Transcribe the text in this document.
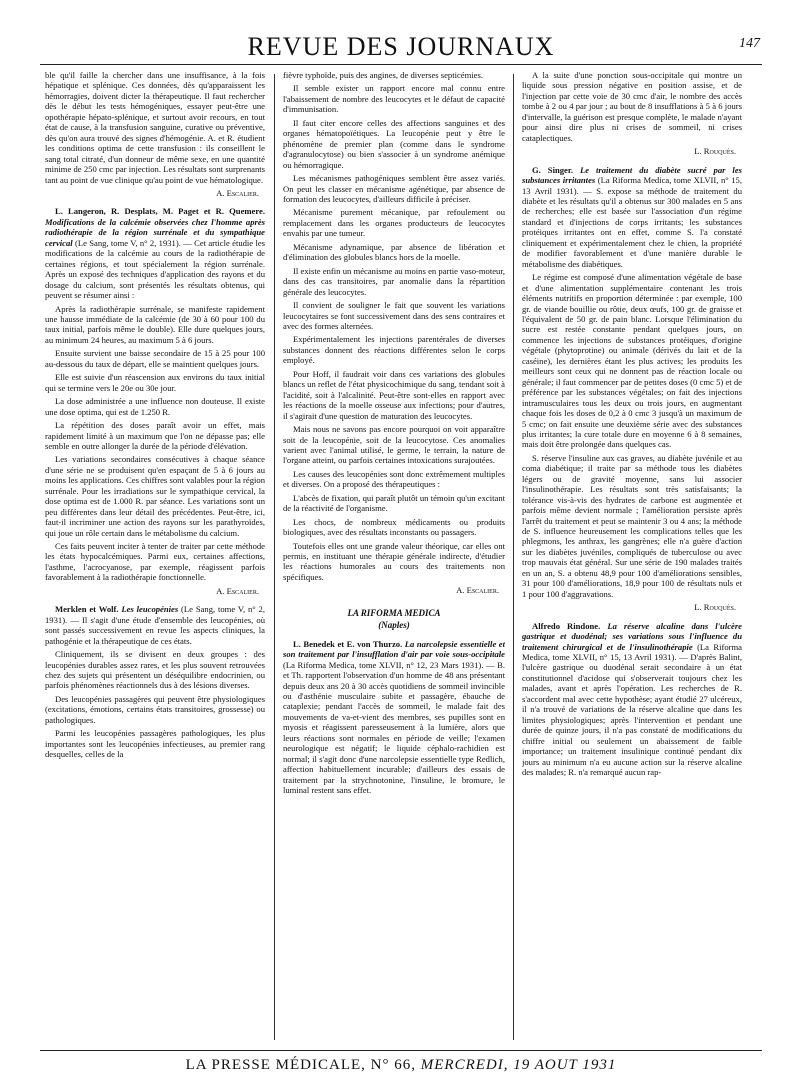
REVUE DES JOURNAUX	147

ble qu'il faille la chercher dans une insuffisance, à la fois hépatique et splénique. Ces données, dès qu'apparaissent les hémorragies, doivent dicter la thérapeutique. Il faut rechercher dès le début les tests hémogéniques, essayer peut-être une opothérapie hépato-splénique, et surtout avoir recours, en tout état de cause, à la transfusion sanguine, curative ou préventive, dès qu'on aura trouvé des signes d'hémogénie. A. et R. étudient les conditions optima de cette transfusion : ils conseillent le sang total citraté, d'un donneur de même sexe, en une quantité minime de 250 cmc par injection. Les résultats sont surprenants tant au point de vue clinique qu'au point de vue hématologique.

A. Escalier.

L. Langeron, R. Desplats, M. Paget et R. Quemere. Modifications de la calcémie observées chez l'homme après radiothérapie de la région surrénale et du sympathique cervical (Le Sang, tome V, n° 2, 1931). — Cet article étudie les modifications de la calcémie au cours de la radiothérapie de certaines régions, et tout spécialement la région surrénale. Après un exposé des techniques d'application des rayons et du dosage du calcium, sont présentés les résultats obtenus, qui peuvent se résumer ainsi :

Après la radiothérapie surrénale, se manifeste rapidement une hausse immédiate de la calcémie (de 30 à 60 pour 100 du taux initial, parfois même le double). Elle dure quelques jours, au minimum 24 heures, au maximum 5 à 6 jours.

Ensuite survient une baisse secondaire de 15 à 25 pour 100 au-dessous du taux de départ, elle se maintient quelques jours.

Elle est suivie d'un réascension aux environs du taux initial qui se termine vers le 20e ou 30e jour.

La dose administrée a une influence non douteuse. Il existe une dose optima, qui est de 1.250 R.

La répétition des doses paraît avoir un effet, mais rapidement limité à un maximum que l'on ne dépasse pas; elle semble en outre allonger la durée de la période d'élévation.

Les variations secondaires consécutives à chaque séance d'une série ne se produisent qu'en espaçant de 5 à 6 jours au moins les applications. Ces chiffres sont valables pour la région surrénale. Pour les irradiations sur le sympathique cervical, la dose optima est de 1.000 R. par séance. Les variations sont un peu différentes dans leur détail des précédentes. Peut-être, ici, faut-il incriminer une action des rayons sur les parathyroïdes, qui joue un rôle certain dans le métabolisme du calcium.

Ces faits peuvent inciter à tenter de traiter par cette méthode les états hypocalcémiques. Parmi eux, certaines affections, l'asthme, l'acrocyanose, par exemple, réagissent parfois favorablement à la radiothérapie fonctionnelle.

A. Escalier.

Merklen et Wolf. Les leucopénies (Le Sang, tome V, n° 2, 1931). — Il s'agit d'une étude d'ensemble des leucopénies, où sont passés successivement en revue les aspects cliniques, la pathogénie et la thérapeutique de ces états.

Cliniquement, ils se divisent en deux groupes : des leucopénies durables assez rares, et les plus souvent retrouvées chez des sujets qui présentent un déséquilibre endocrinien, ou parfois phénomènes réactionnels dus à des lésions diverses.

Des leucopénies passagères qui peuvent être physiologiques (excitations, émotions, certains états transitoires, grossesse) ou pathologiques.

Parmi les leucopénies passagères pathologiques, les plus importantes sont les leucopénies infectieuses, au premier rang desquelles, celles de la

fièvre typhoïde, puis des angines, de diverses septicémies.

Il semble exister un rapport encore mal connu entre l'abaissement de nombre des leucocytes et le défaut de capacité d'immunisation.

Il faut citer encore celles des affections sanguines et des organes hématopoïétiques. La leucopénie peut y être le phénomène de premier plan (comme dans le syndrome d'agranulocytose) ou bien s'associer à un syndrome anémique ou hémorragique.

Les mécanismes pathogéniques semblent être assez variés. On peut les classer en mécanisme agénétique, par absence de formation des leucocytes, d'ailleurs difficile à préciser.

Mécanisme purement mécanique, par refoulement ou remplacement dans les organes producteurs de leucocytes envahis par une tumeur.

Mécanisme adynamique, par absence de libération et d'élimination des globules blancs hors de la moelle.

Il existe enfin un mécanisme au moins en partie vaso-moteur, dans des cas transitoires, par anomalie dans la répartition générale des leucocytes.

Il convient de souligner le fait que souvent les variations leucocytaires se font successivement dans des sens contraires et avec des formes alternées.

Expérimentalement les injections parentérales de diverses substances donnent des réactions différentes selon le corps employé.

Pour Hoff, il faudrait voir dans ces variations des globules blancs un reflet de l'état physicochimique du sang, tendant soit à l'acidité, soit à l'alcalinité. Peut-être sont-elles en rapport avec les réactions de la moelle osseuse aux infections; pour d'autres, il s'agirait d'une question de maturation des leucocytes.

Mais nous ne savons pas encore pourquoi on voit apparaître soit de la leucopénie, soit de la leucocytose. Ces anomalies varient avec l'animal utilisé, le germe, le terrain, la nature de l'organe atteint, ou parfois certaines intoxications surajoutées.

Les causes des leucopénies sont donc extrêmement multiples et diverses. On a proposé des thérapeutiques :

L'abcès de fixation, qui paraît plutôt un témoin qu'un excitant de la réactivité de l'organisme.

Les chocs, de nombreux médicaments ou produits biologiques, avec des résultats inconstants ou passagers.

Toutefois elles ont une grande valeur théorique, car elles ont permis, en instituant une thérapie générale indirecte, d'étudier les réactions humorales au cours des traitements non spécifiques.

A. Escalier.
LA RIFORMA MEDICA
(Naples)

L. Benedek et E. von Thurzo. La narcolepsie essentielle et son traitement par l'insufflation d'air par voie sous-occipitale (La Riforma Medica, tome XLVII, n° 12, 23 Mars 1931). — B. et Th. rapportent l'observation d'un homme de 48 ans présentant depuis deux ans 20 à 30 accès quotidiens de sommeil invincible ou d'asthénie musculaire subite et passagère, ébauche de cataplexie; pendant l'accès de sommeil, le malade fait des mouvements de va-et-vient des membres, ses pupilles sont en myosis et réagissent paresseusement à la lumière, alors que leurs réactions sont normales en période de veille; l'examen neurologique est négatif; le liquide céphalo-rachidien est normal; il s'agit donc d'une narcolepsie essentielle type Redlich, affection habituellement incurable; d'ailleurs des essais de traitement par la strychnotonine, l'insuline, le bromure, le luminal restent sans effet.

A la suite d'une ponction sous-occipitale qui montre un liquide sous pression négative en position assise, et de l'injection par cette voie de 30 cmc d'air, le nombre des accès tombe à 2 ou 4 par jour ; au bout de 8 insufflations à 5 à 6 jours d'intervalle, la guérison est presque complète, le malade n'ayant pour ainsi dire plus ni crises de sommeil, ni crises cataplectiques.

L. Rouquès.

G. Singer. Le traitement du diabète sucré par les substances irritantes (La Riforma Medica, tome XLVII, n° 15, 13 Avril 1931). — S. expose sa méthode de traitement du diabète et les résultats qu'il a obtenus sur 300 malades en 5 ans de recherches; elle est basée sur l'association d'un régime standard et d'injections de corps irritants; les substances protéiques irritantes ont en effet, comme S. l'a constaté cliniquement et expérimentalement chez le chien, la propriété de modifier favorablement et d'une manière durable le métabolisme des diabétiques.

Le régime est composé d'une alimentation végétale de base et d'une alimentation supplémentaire contenant les trois éléments nutritifs en proportion déterminée : par exemple, 100 gr. de viande bouillie ou rôtie, deux œufs, 100 gr. de graisse et l'équivalent de 50 gr. de pain blanc. Lorsque l'élimination du sucre est restée constante pendant quelques jours, on commence les injections de substances protéiques, d'origine végétale (phytoprotine) ou animale (dérivés du lait et de la caséine), les dernières étant les plus actives; les produits les meilleurs sont ceux qui ne donnent pas de réaction locale ou générale; il faut commencer par de petites doses (0 cmc 5) et de préférence par les substances végétales; on fait des injections intramusculaires tous les deux ou trois jours, en augmentant chaque fois les doses de 0,2 à 0 cmc 3 jusqu'à un maximum de 5 cmc; on fait ensuite une deuxième série avec des substances plus irritantes; la cure totale dure en moyenne 6 à 8 semaines, mais doit être prolongée dans quelques cas.

S. réserve l'insuline aux cas graves, au diabète juvénile et au coma diabétique; il traite par sa méthode tous les diabètes légers ou de gravité moyenne, sans lui associer l'insulinothérapie. Les résultats sont très satisfaisants; la tolérance vis-à-vis des hydrates de carbone est augmentée et parfois même devient normale ; l'amélioration persiste après l'arrêt du traitement et peut se maintenir 3 ou 4 ans; la méthode de S. influence heureusement les complications telles que les phlegmons, les anthrax, les gangrènes; elle n'a guère d'action sur les diabètes juvéniles, compliqués de tuberculose ou avec trop mauvais état général. Sur une série de 190 malades traités en un an, S. a obtenu 48,9 pour 100 d'améliorations sensibles, 31 pour 100 d'améliorations, 18,9 pour 100 de résultats nuls et 1 pour 100 d'aggravations.

L. Rouquès.

Alfredo Rindone. La réserve alcaline dans l'ulcère gastrique et duodénal; ses variations sous l'influence du traitement chirurgical et de l'insulinothérapie (La Riforma Medica, tome XLVII, n° 15, 13 Avril 1931). — D'après Balint, l'ulcère gastrique ou duodénal serait secondaire à un état constitutionnel d'acidose qui s'observerait toujours chez les malades, avant et après l'opération. Les recherches de R. s'accordent mal avec cette hypothèse; ayant étudié 27 ulcéreux, il n'a trouvé de variations de la réserve alcaline que dans les limites physiologiques; après l'intervention et pendant une durée de quinze jours, il n'a pas constaté de modifications du chiffre initial ou seulement un abaissement de faible importance; un traitement insulinique continué pendant dix jours au minimum n'a eu aucune action sur la réserve alcaline des malades; R. n'a remarqué aucun rap-

LA PRESSE MÉDICALE, N° 66, MERCREDI, 19 AOUT 1931
